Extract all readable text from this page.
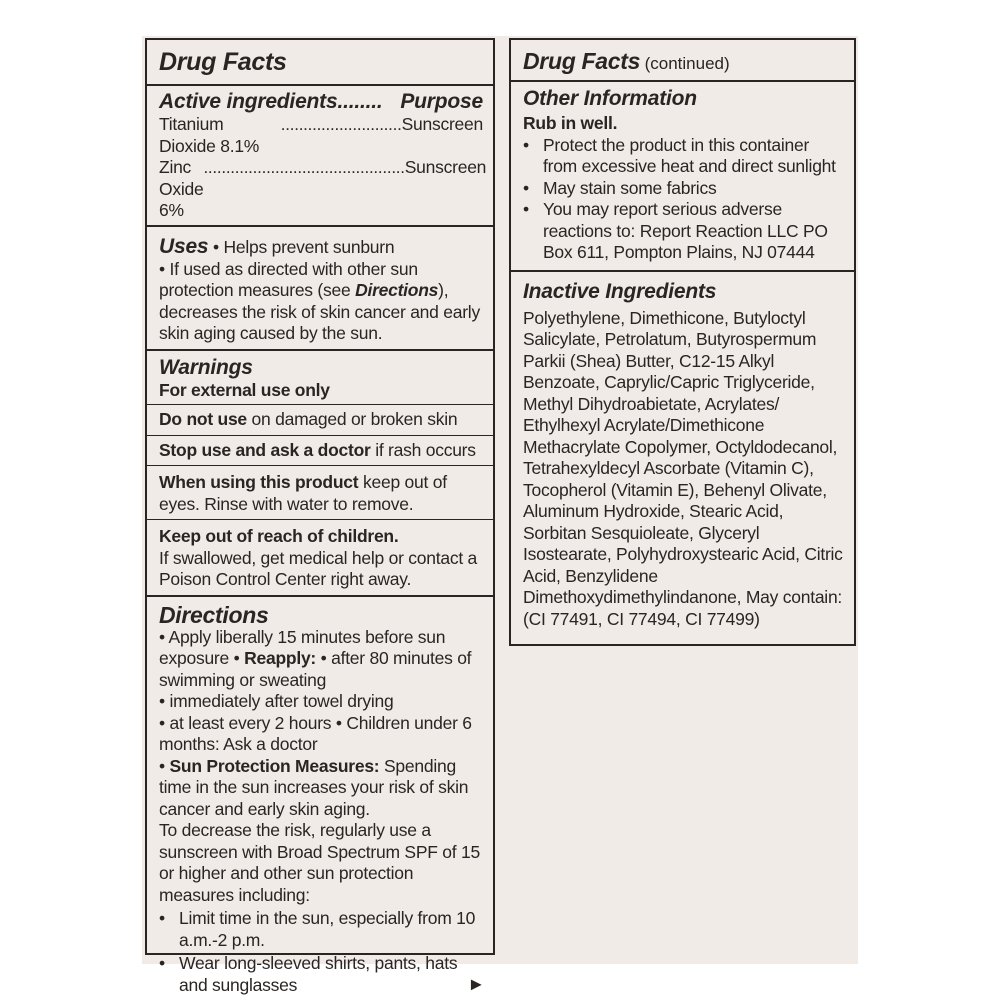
Drug Facts
Active ingredients........ Purpose
Titanium Dioxide 8.1%
........................... Sunscreen
Zinc Oxide 6%
............................................. Sunscreen
Uses • Helps prevent sunburn
• If used as directed with other sun protection measures (see Directions), decreases the risk of skin cancer and early skin aging caused by the sun.
Warnings
For external use only
Do not use on damaged or broken skin
Stop use and ask a doctor if rash occurs
When using this product keep out of eyes. Rinse with water to remove.
Keep out of reach of children.
If swallowed, get medical help or contact a Poison Control Center right away.
Directions
• Apply liberally 15 minutes before sun exposure • Reapply: • after 80 minutes of swimming or sweating
• immediately after towel drying
• at least every 2 hours • Children under 6 months: Ask a doctor
• Sun Protection Measures: Spending time in the sun increases your risk of skin cancer and early skin aging.
To decrease the risk, regularly use a sunscreen with Broad Spectrum SPF of 15 or higher and other sun protection measures including:
• Limit time in the sun, especially from 10 a.m.-2 p.m.
• Wear long-sleeved shirts, pants, hats and sunglasses	►
Drug Facts (continued)
Other Information
Rub in well.
• Protect the product in this container from excessive heat and direct sunlight
• May stain some fabrics
• You may report serious adverse reactions to: Report Reaction LLC PO Box 611, Pompton Plains, NJ 07444
Inactive Ingredients
Polyethylene, Dimethicone, Butyloctyl Salicylate, Petrolatum, Butyrospermum Parkii (Shea) Butter, C12-15 Alkyl Benzoate, Caprylic/Capric Triglyceride, Methyl Dihydroabietate, Acrylates/ Ethylhexyl Acrylate/Dimethicone Methacrylate Copolymer, Octyldodecanol, Tetrahexyldecyl Ascorbate (Vitamin C), Tocopherol (Vitamin E), Behenyl Olivate, Aluminum Hydroxide, Stearic Acid, Sorbitan Sesquioleate, Glyceryl Isostearate, Polyhydroxystearic Acid, Citric Acid, Benzylidene Dimethoxydimethylindanone, May contain: (CI 77491, CI 77494, CI 77499)
